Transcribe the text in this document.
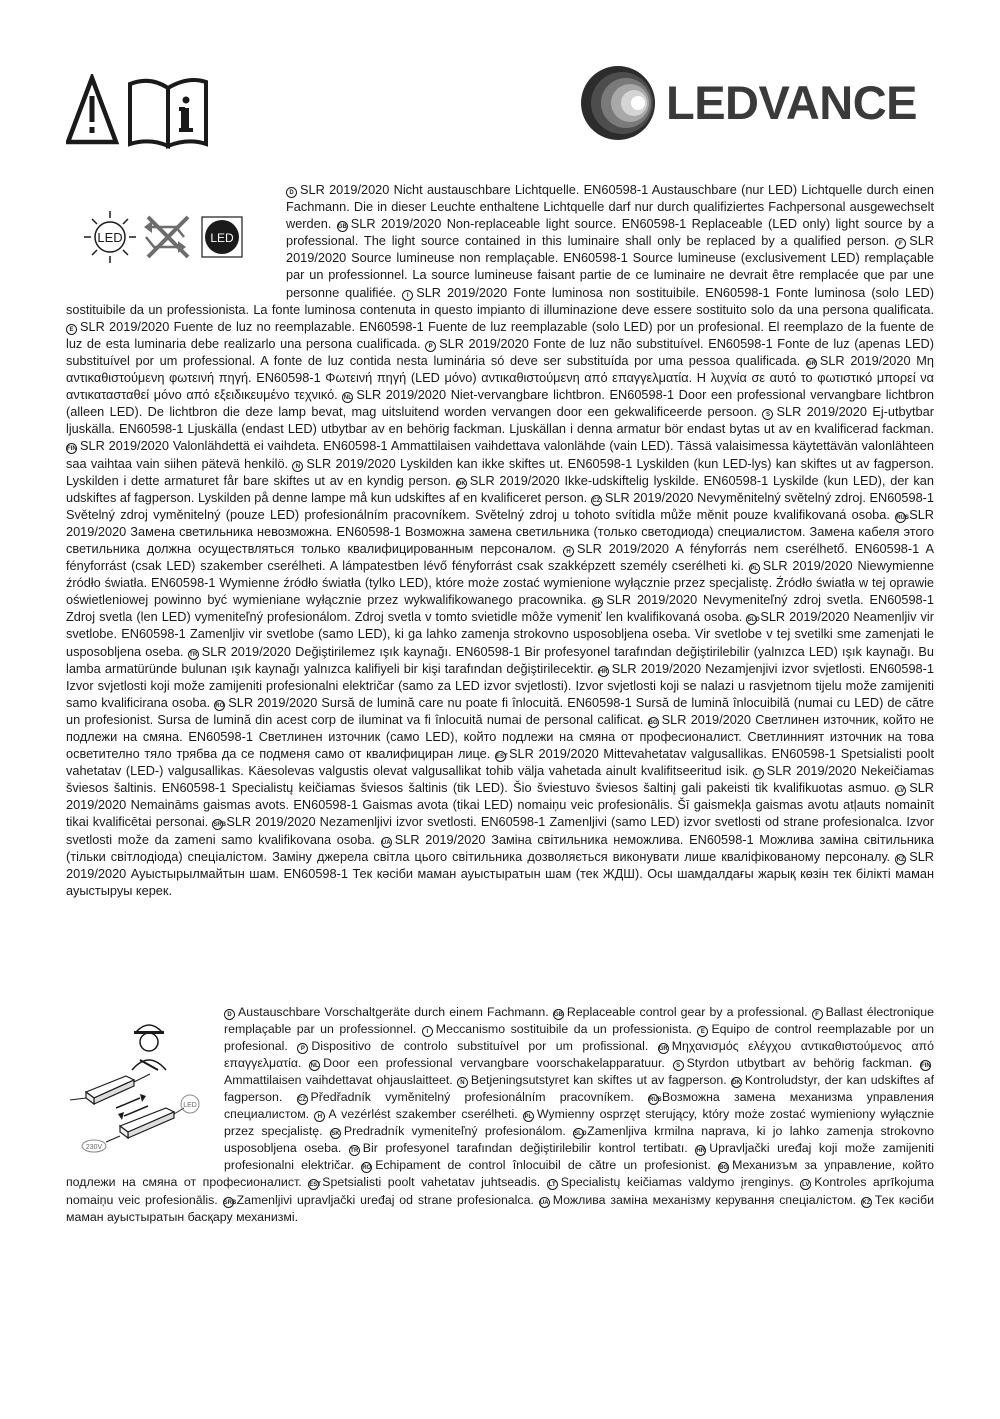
LEDVANCE
LED	LED
DSLR 2019/2020 Nicht austauschbare Lichtquelle. EN60598-1 Austauschbare (nur LED) Lichtquelle durch einen Fachmann. Die in dieser Leuchte enthaltene Lichtquelle darf nur durch qualifiziertes Fachpersonal ausgewechselt werden. GBSLR 2019/2020 Non-replaceable light source. EN60598-1 Replaceable (LED only) light source by a professional. The light source contained in this luminaire shall only be replaced by a qualified person. FSLR 2019/2020 Source lumineuse non remplaçable. EN60598-1 Source lumineuse (exclusivement LED) remplaçable par un professionnel. La source lumineuse faisant partie de ce luminaire ne devrait être remplacée que par une personne qualifiée. ISLR 2019/2020 Fonte luminosa non sostituibile. EN60598-1 Fonte luminosa (solo LED) sostituibile da un professionista. La fonte luminosa contenuta in questo impianto di illuminazione deve essere sostituito solo da una persona qualificata. ESLR 2019/2020 Fuente de luz no reemplazable. EN60598-1 Fuente de luz reemplazable (solo LED) por un profesional. El reemplazo de la fuente de luz de esta luminaria debe realizarlo una persona cualificada. PSLR 2019/2020 Fonte de luz não substituível. EN60598-1 Fonte de luz (apenas LED) substituível por um professional. A fonte de luz contida nesta luminária só deve ser substituída por uma pessoa qualificada. GRSLR 2019/2020 Μη αντικαθιστούμενη φωτεινή πηγή. EN60598-1 Φωτεινή πηγή (LED μόνο) αντικαθιστούμενη από επαγγελματία. Η λυχνία σε αυτό το φωτιστικό μπορεί να αντικατασταθεί μόνο από εξειδικευμένο τεχνικό. NLSLR 2019/2020 Niet-vervangbare lichtbron. EN60598-1 Door een professional vervangbare lichtbron (alleen LED). De lichtbron die deze lamp bevat, mag uitsluitend worden vervangen door een gekwalificeerde persoon. SSLR 2019/2020 Ej-utbytbar ljuskälla. EN60598-1 Ljuskälla (endast LED) utbytbar av en behörig fackman. Ljuskällan i denna armatur bör endast bytas ut av en kvalificerad fackman. FINSLR 2019/2020 Valonlähdettä ei vaihdeta. EN60598-1 Ammattilaisen vaihdettava valonlähde (vain LED). Tässä valaisimessa käytettävän valonlähteen saa vaihtaa vain siihen pätevä henkilö. NSLR 2019/2020 Lyskilden kan ikke skiftes ut. EN60598-1 Lyskilden (kun LED-lys) kan skiftes ut av fagperson. Lyskilden i dette armaturet får bare skiftes ut av en kyndig person. DKSLR 2019/2020 Ikke-udskiftelig lyskilde. EN60598-1 Lyskilde (kun LED), der kan udskiftes af fagperson. Lyskilden på denne lampe må kun udskiftes af en kvalificeret person. CZSLR 2019/2020 Nevyměnitelný světelný zdroj. EN60598-1 Světelný zdroj vyměnitelný (pouze LED) profesionálním pracovníkem. Světelný zdroj u tohoto svítidla může měnit pouze kvalifikovaná osoba. RUSSLR 2019/2020 Замена светильника невозможна. EN60598-1 Возможна замена светильника (только светодиода) специалистом. Замена кабеля этого светильника должна осуществляться только квалифицированным персоналом. HSLR 2019/2020 A fényforrás nem cserélhető. EN60598-1 A fényforrást (csak LED) szakember cserélheti. A lámpatestben lévő fényforrást csak szakképzett személy cserélheti ki. PLSLR 2019/2020 Niewymienne źródło światła. EN60598-1 Wymienne źródło światła (tylko LED), które może zostać wymienione wyłącznie przez specjalistę. Źródło światła w tej oprawie oświetleniowej powinno być wymieniane wyłącznie przez wykwalifikowanego pracownika. SKSLR 2019/2020 Nevymeniteľný zdroj svetla. EN60598-1 Zdroj svetla (len LED) vymeniteľný profesionálom. Zdroj svetla v tomto svietidle môže vymeniť len kvalifikovaná osoba. SLOSLR 2019/2020 Neamenljiv vir svetlobe. EN60598-1 Zamenljiv vir svetlobe (samo LED), ki ga lahko zamenja strokovno usposobljena oseba. Vir svetlobe v tej svetilki sme zamenjati le usposobljena oseba. TRSLR 2019/2020 Değiştirilemez ışık kaynağı. EN60598-1 Bir profesyonel tarafından değiştirilebilir (yalnızca LED) ışık kaynağı. Bu lamba armatüründe bulunan ışık kaynağı yalnızca kalifiyeli bir kişi tarafından değiştirilecektir. HRSLR 2019/2020 Nezamjenjivi izvor svjetlosti. EN60598-1 Izvor svjetlosti koji može zamijeniti profesionalni električar (samo za LED izvor svjetlosti). Izvor svjetlosti koji se nalazi u rasvjetnom tijelu može zamijeniti samo kvalificirana osoba. ROSLR 2019/2020 Sursă de lumină care nu poate fi înlocuită. EN60598-1 Sursă de lumină înlocuibilă (numai cu LED) de către un profesionist. Sursa de lumină din acest corp de iluminat va fi înlocuită numai de personal calificat. BGSLR 2019/2020 Светлинен източник, който не подлежи на смяна. EN60598-1 Светлинен източник (само LED), който подлежи на смяна от професионалист. Светлинният източник на това осветително тяло трябва да се подменя само от квалифициран лице. ESTSLR 2019/2020 Mittevahetatav valgusallikas. EN60598-1 Spetsialisti poolt vahetatav (LED-) valgusallikas. Käesolevas valgustis olevat valgusallikat tohib välja vahetada ainult kvalifitseeritud isik. LTSLR 2019/2020 Nekeičiamas šviesos šaltinis. EN60598-1 Specialistų keičiamas šviesos šaltinis (tik LED). Šio šviestuvo šviesos šaltinį gali pakeisti tik kvalifikuotas asmuo. LVSLR 2019/2020 Nemaināms gaismas avots. EN60598-1 Gaismas avota (tikai LED) nomaiņu veic profesionālis. Šī gaismekļa gaismas avotu atļauts nomainīt tikai kvalificētai personai. SRBSLR 2019/2020 Nezamenljivi izvor svetlosti. EN60598-1 Zamenljivi (samo LED) izvor svetlosti od strane profesionalca. Izvor svetlosti može da zameni samo kvalifikovana osoba. UASLR 2019/2020 Заміна світильника неможлива. EN60598-1 Можлива заміна світильника (тільки світлодіода) спеціалістом. Заміну джерела світла цього світильника дозволяється виконувати лише кваліфікованому персоналу. KZSLR 2019/2020 Ауыстырылмайтын шам. EN60598-1 Тек кәсіби маман ауыстыратын шам (тек ЖДШ). Осы шамдалдағы жарық көзін тек білікті маман ауыстыруы керек.
LED
230V
DAustauschbare Vorschaltgeräte durch einem Fachmann. GBReplaceable control gear by a professional. FBallast électronique remplaçable par un professionnel. IMeccanismo sostituibile da un professionista. EEquipo de control reemplazable por un profesional. PDispositivo de controlo substituível por um profissional. GRΜηχανισμός ελέγχου αντικαθιστούμενος από επαγγελματία. NLDoor een professional vervangbare voorschakelapparatuur. SStyrdon utbytbart av behörig fackman. FINAmmattilaisen vaihdettavat ohjauslaitteet. NBetjeningsutstyret kan skiftes ut av fagperson. DKKontroludstyr, der kan udskiftes af fagperson. CZPředřadník vyměnitelný profesionálním pracovníkem. RUSВозможна замена механизма управления специалистом. HA vezérlést szakember cserélheti. PLWymienny osprzęt sterujący, który może zostać wymieniony wyłącznie przez specjalistę. SKPredradník vymeniteľný profesionálom. SLOZamenljiva krmilna naprava, ki jo lahko zamenja strokovno usposobljena oseba. TRBir profesyonel tarafından değiştirilebilir kontrol tertibatı. HRUpravljački uređaj koji može zamijeniti profesionalni električar. ROEchipament de control înlocuibil de către un profesionist. BGМеханизъм за управление, който подлежи на смяна от професионалист. ESTSpetsialisti poolt vahetatav juhtseadis. LTSpecialistų keičiamas valdymo įrenginys. LVKontroles aprīkojuma nomaiņu veic profesionālis. SRBZamenljivi upravljački uređaj od strane profesionalca. UAМожлива заміна механізму керування спеціалістом. KZТек кәсіби маман ауыстыратын басқару механизмі.
